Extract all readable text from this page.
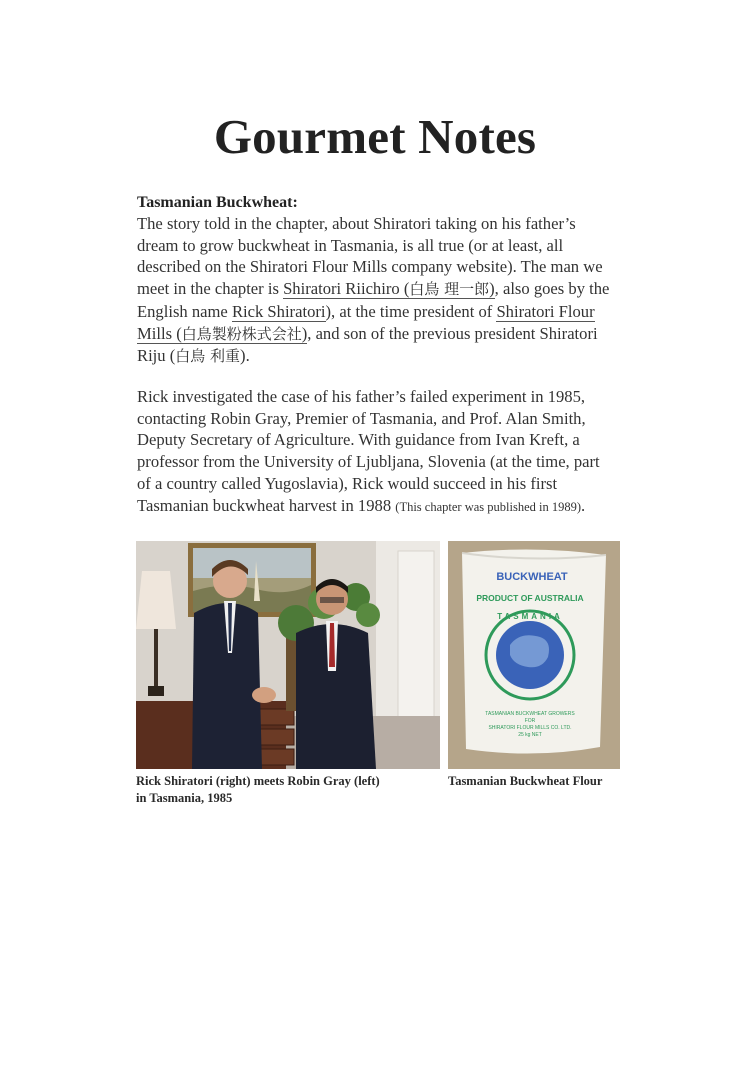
Gourmet Notes
Tasmanian Buckwheat:
The story told in the chapter, about Shiratori taking on his father’s dream to grow buckwheat in Tasmania, is all true (or at least, all described on the Shiratori Flour Mills company website). The man we meet in the chapter is Shiratori Riichiro (白鳥 理一郎), also goes by the English name Rick Shiratori), at the time president of Shiratori Flour Mills (白鳥製粉株式会社), and son of the previous president Shiratori Riju (白鳥 利重).
Rick investigated the case of his father’s failed experiment in 1985, contacting Robin Gray, Premier of Tasmania, and Prof. Alan Smith, Deputy Secretary of Agriculture. With guidance from Ivan Kreft, a professor from the University of Ljubljana, Slovenia (at the time, part of a country called Yugoslavia), Rick would succeed in his first Tasmanian buckwheat harvest in 1988 (This chapter was published in 1989).
BUCKWHEAT
PRODUCT OF AUSTRALIA
TASMANIA
TASMANIAN BUCKWHEAT GROWERS
FOR
SHIRATORI FLOUR MILLS CO. LTD.
25 kg NET
Rick Shiratori (right) meets Robin Gray (left)
in Tasmania, 1985
Tasmanian Buckwheat Flour
